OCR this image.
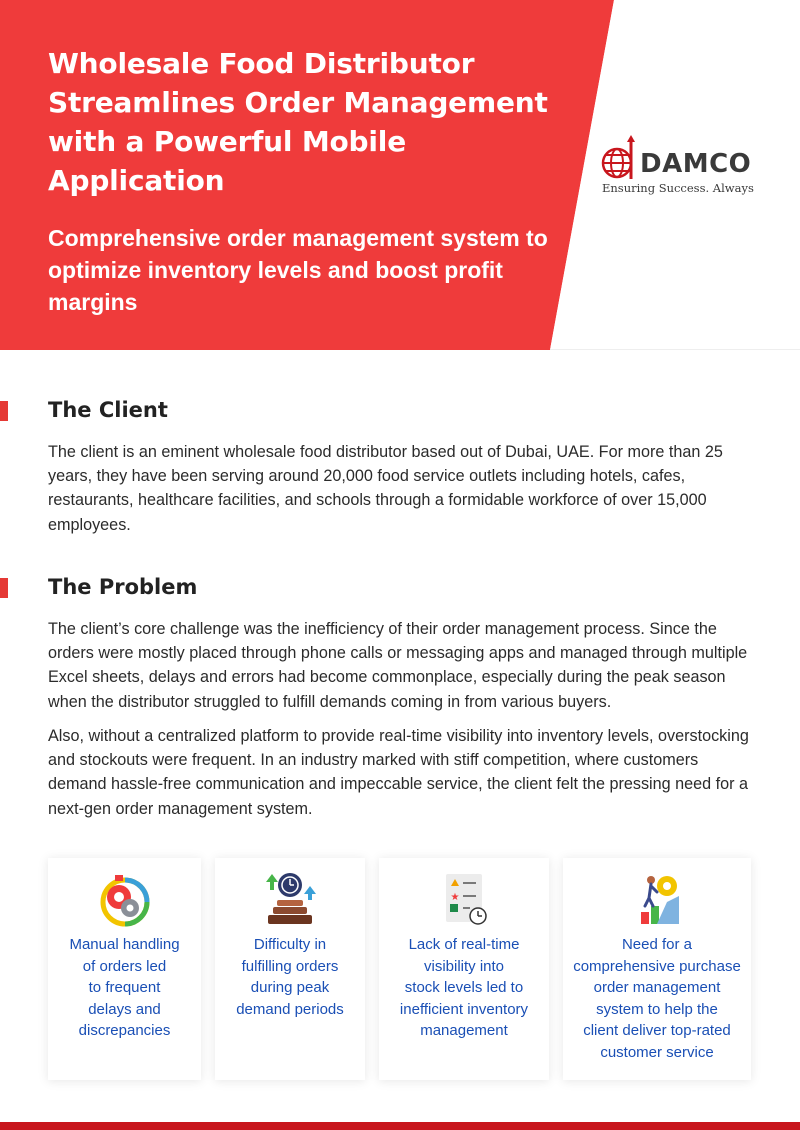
Wholesale Food Distributor Streamlines Order Management with a Powerful Mobile Application
Comprehensive order management system to optimize inventory levels and boost profit margins
DAMCO
Ensuring Success. Always
The Client

The client is an eminent wholesale food distributor based out of Dubai, UAE. For more than 25 years, they have been serving around 20,000 food service outlets including hotels, cafes, restaurants, healthcare facilities, and schools through a formidable workforce of over 15,000 employees.

The Problem

The client’s core challenge was the inefficiency of their order management process. Since the orders were mostly placed through phone calls or messaging apps and managed through multiple Excel sheets, delays and errors had become commonplace, especially during the peak season when the distributor struggled to fulfill demands coming in from various buyers.

Also, without a centralized platform to provide real-time visibility into inventory levels, overstocking and stockouts were frequent. In an industry marked with stiff competition, where customers demand hassle-free communication and impeccable service, the client felt the pressing need for a next-gen order management system.

Manual handling
of orders led
to frequent
delays and
discrepancies

Difficulty in
fulfilling orders
during peak
demand periods

★

Lack of real-time
visibility into
stock levels led to
inefficient inventory
management

Need for a
comprehensive purchase
order management
system to help the
client deliver top-rated
customer service
